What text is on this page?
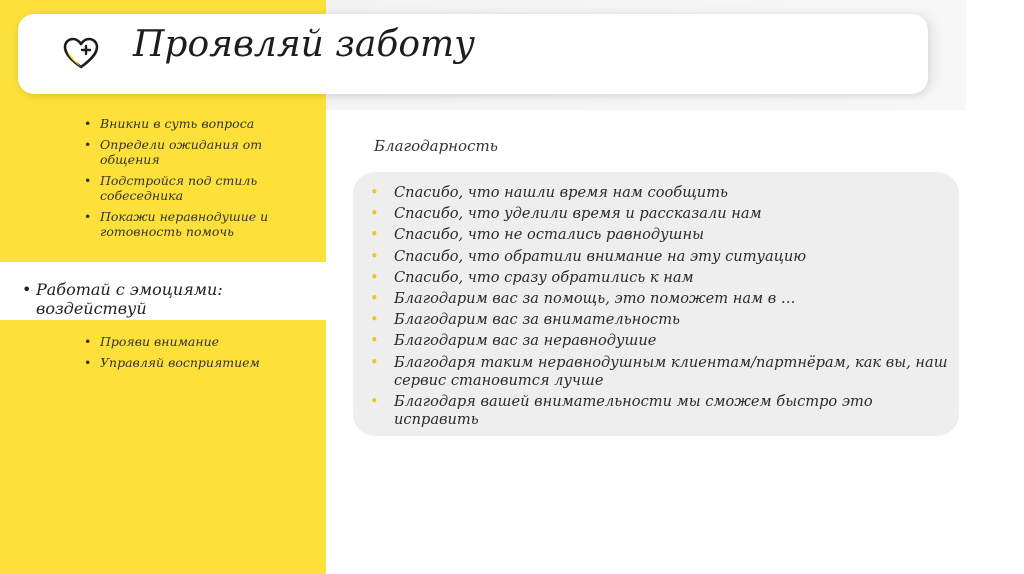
Проявляй заботу
• Вникни в суть вопроса
• Определи ожидания от общения
• Подстройся под стиль собеседника
• Покажи неравнодушие и готовность помочь
• Работай с эмоциями: воздействуй
• Прояви внимание
• Управляй восприятием
Благодарность
• Спасибо, что нашли время нам сообщить
• Спасибо, что уделили время и рассказали нам
• Спасибо, что не остались равнодушны
• Спасибо, что обратили внимание на эту ситуацию
• Спасибо, что сразу обратились к нам
• Благодарим вас за помощь, это поможет нам в …
• Благодарим вас за внимательность
• Благодарим вас за неравнодушие
• Благодаря таким неравнодушным клиентам/партнёрам, как вы, наш сервис становится лучше
• Благодаря вашей внимательности мы сможем быстро это исправить
